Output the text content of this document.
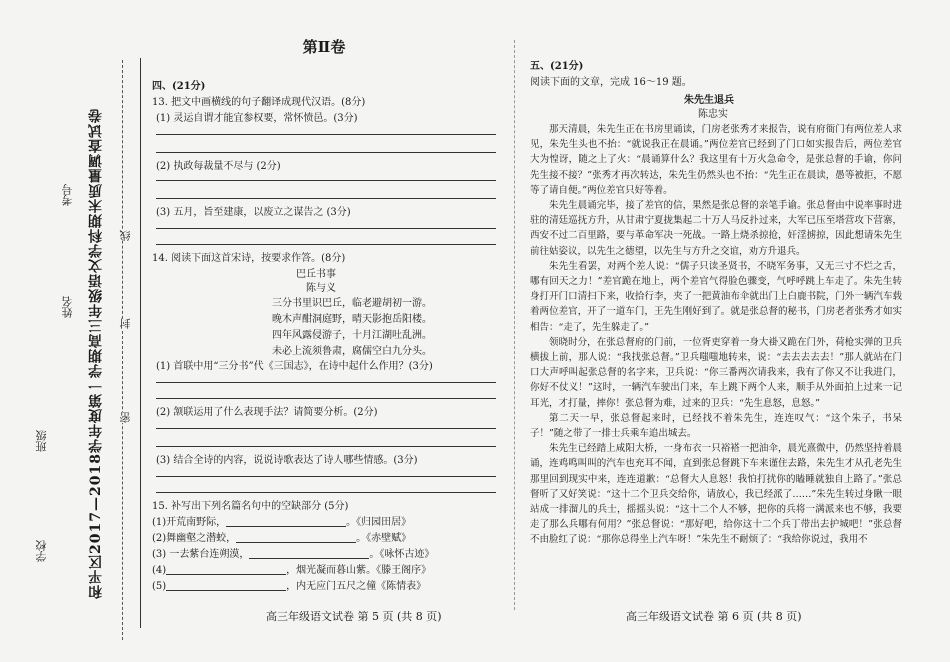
和平区2017—2018学年度第一学期高三年级语文学科期末质量调查试卷
学校
班级
姓名
考号
密
封
线
第Ⅱ卷
四、(21分)
13. 把文中画横线的句子翻译成现代汉语。(8分)
(1) 灵运自谓才能宜参权要，常怀愤邑。(3分)
(2) 执政每裁量不尽与 (2分)
(3) 五月，旨至建康，以废立之谋告之 (3分)
14. 阅读下面这首宋诗，按要求作答。(8分)
巴丘书事
陈与义
三分书里识巴丘，临老避胡初一游。
晚木声酣洞庭野，晴天影抱岳阳楼。
四年风露侵游子，十月江湖吐乱洲。
未必上流须鲁肃，腐儒空白九分头。
(1) 首联中用“三分书”代《三国志》，在诗中起什么作用？(3分)
(2) 颔联运用了什么表现手法？请简要分析。(2分)
(3) 结合全诗的内容，说说诗歌表达了诗人哪些情感。(3分)
15. 补写出下列名篇名句中的空缺部分 (5分)
(1)开荒南野际，	。《归园田居》
(2)舞幽壑之潜蛟，	。《赤壁赋》
(3) 一去紫台连朔漠，	。《咏怀古迹》
(4)	，烟光凝而暮山紫。《滕王阁序》
(5)	，内无应门五尺之僮《陈情表》
高三年级语文试卷 第 5 页 (共 8 页)
五、(21分)
阅读下面的文章，完成 16～19 题。
朱先生退兵
陈忠实

那天清晨，朱先生正在书房里诵读，门房老张秀才来报告，说有府衙门有两位差人求见，朱先生头也不抬：“就说我正在晨诵。”两位差官已经到了门口如实报告后，两位差官大为惶讶，随之上了火：“晨诵算什么？我这里有十万火急命令，是张总督的手谕，你问先生接不接？”张秀才再次转达，朱先生仍然头也不抬：“先生正在晨读，愚等被拒，不愿等了请自便。”两位差官只好等着。

朱先生晨诵完毕，接了差官的信，果然是张总督的亲笔手谕。张总督由中说率事时进驻的清廷巡抚方升，从甘肃宁夏拢集起二十万人马反扑过来，大军已压至塔营攻下营寨，西安不过二百里路，要与革命军决一死战。一路上烧杀掠抢，奸淫掳掠，因此想请朱先生前往姑姿议，以先生之德望，以先生与方升之交谊，劝方升退兵。

朱先生看罢，对两个差人说：“儒子只读圣贤书，不晓军务事，又无三寸不烂之舌，哪有回天之力！”差官跪在地上，两个差官气得脸色骤变，气呼呼跳上车走了。朱先生转身打开门口清扫下来，收拾行李，夹了一把黄油布伞就出门上白鹿书院，门外一辆汽车载着两位差官，开了一道车门，王先生刚好到了。就是张总督的秘书，门房老者张秀才如实相告：“走了，先生躲走了。”

领晓时分，在张总督府的门前，一位胥吏穿着一身大褂又跪在门外，荷枪实弹的卫兵横拔上前，那人说：“我找张总督。”卫兵嗤嗤地转来，说：“去去去去去！”那人就站在门口大声呼叫起张总督的名字来，卫兵说：“你三番两次请我来，我有了你又不让我进门，你好不仗义！”这时，一辆汽车驶出门来，车上跳下两个人来，顺手从外面拍上过来一记耳光，才打量，摔你！张总督为难，过来的卫兵：“先生息怒，息怒。”

第二天一早，张总督起来时，已经找不着朱先生，连连叹气：“这个朱子，书呆子！”随之带了一排士兵乘车追出城去。

朱先生已经踏上咸阳大桥，一身布衣一只裕褡一把油伞，晨光熹微中，仍然坚持着晨诵，连鸡鸣叫叫的汽车也充耳不闻，直到张总督跳下车来谨住去路，朱先生才从孔老先生那里回到现实中来，连连道歉：“总督大人息怒！我怕打扰你的瞌睡就独自上路了。”张总督听了又好笑说：“这十二个卫兵交给你，请放心，我已经派了……”朱先生转过身瞅一眼站成一排溜儿的兵士，摇摇头说：“这十二个人不够，把你的兵将一满派来也不够，我要走了那么兵哪有何用？”张总督说：“那好吧，给你这十二个兵丁带出去护城吧！”张总督不由脸红了说：“那你总得坐上汽车呀！”朱先生不耐烦了：“我给你说过，我用不

高三年级语文试卷 第 6 页 (共 8 页)
